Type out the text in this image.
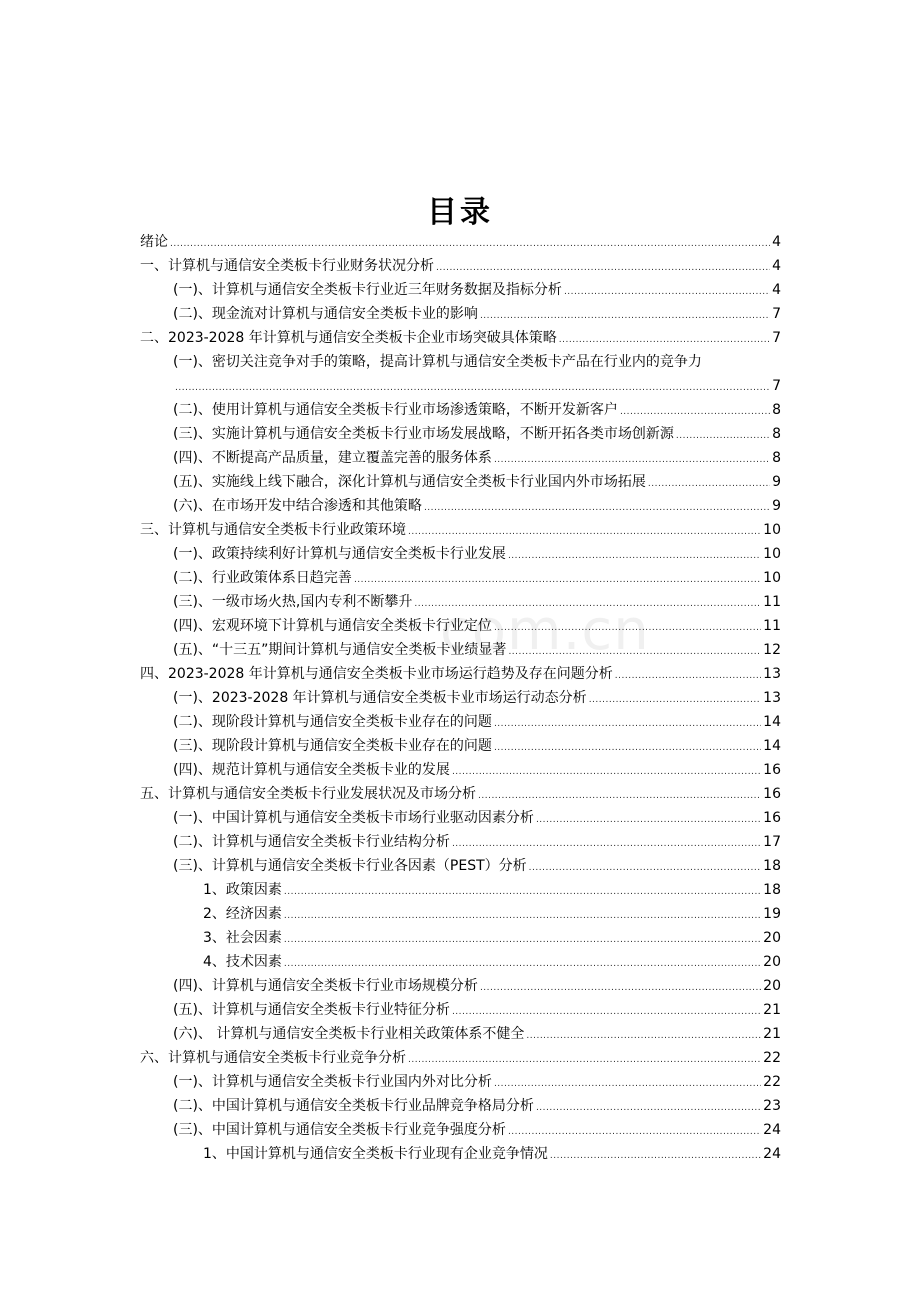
目录
com.cn
绪论 .....	4
一、计算机与通信安全类板卡行业财务状况分析 .....	4
(一)、计算机与通信安全类板卡行业近三年财务数据及指标分析 .....	4
(二)、现金流对计算机与通信安全类板卡业的影响 .....	7
二、2023-2028 年计算机与通信安全类板卡企业市场突破具体策略 .....	7
(一)、密切关注竞争对手的策略，提高计算机与通信安全类板卡产品在行业内的竞争力
.....
7
(二)、使用计算机与通信安全类板卡行业市场渗透策略，不断开发新客户 .....	8
(三)、实施计算机与通信安全类板卡行业市场发展战略，不断开拓各类市场创新源 .....	8
(四)、不断提高产品质量，建立覆盖完善的服务体系 .....	8
(五)、实施线上线下融合，深化计算机与通信安全类板卡行业国内外市场拓展 .....	9
(六)、在市场开发中结合渗透和其他策略 .....	9
三、计算机与通信安全类板卡行业政策环境 .....	10
(一)、政策持续利好计算机与通信安全类板卡行业发展 .....	10
(二)、行业政策体系日趋完善 .....	10
(三)、一级市场火热,国内专利不断攀升 .....	11
(四)、宏观环境下计算机与通信安全类板卡行业定位 .....	11
(五)、“十三五”期间计算机与通信安全类板卡业绩显著 .....	12
四、2023-2028 年计算机与通信安全类板卡业市场运行趋势及存在问题分析 .....	13
(一)、2023-2028 年计算机与通信安全类板卡业市场运行动态分析 .....	13
(二)、现阶段计算机与通信安全类板卡业存在的问题 .....	14
(三)、现阶段计算机与通信安全类板卡业存在的问题 .....	14
(四)、规范计算机与通信安全类板卡业的发展 .....	16
五、计算机与通信安全类板卡行业发展状况及市场分析 .....	16
(一)、中国计算机与通信安全类板卡市场行业驱动因素分析 .....	16
(二)、计算机与通信安全类板卡行业结构分析 .....	17
(三)、计算机与通信安全类板卡行业各因素（PEST）分析 .....	18
1、政策因素 .....	18
2、经济因素 .....	19
3、社会因素 .....	20
4、技术因素 .....	20
(四)、计算机与通信安全类板卡行业市场规模分析 .....	20
(五)、计算机与通信安全类板卡行业特征分析 .....	21
(六)、 计算机与通信安全类板卡行业相关政策体系不健全 .....	21
六、计算机与通信安全类板卡行业竞争分析 .....	22
(一)、计算机与通信安全类板卡行业国内外对比分析 .....	22
(二)、中国计算机与通信安全类板卡行业品牌竞争格局分析 .....	23
(三)、中国计算机与通信安全类板卡行业竞争强度分析 .....	24
1、中国计算机与通信安全类板卡行业现有企业竞争情况 .....	24
